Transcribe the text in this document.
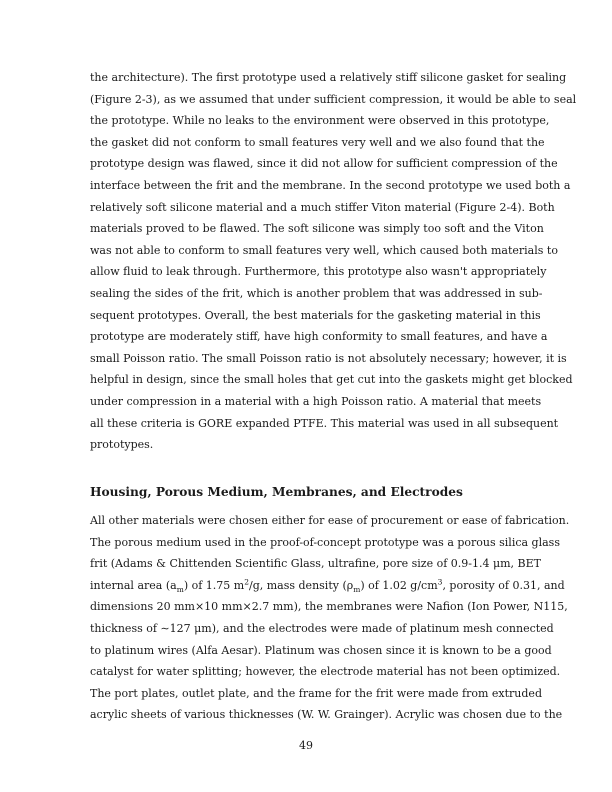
the architecture). The first prototype used a relatively stiff silicone gasket for sealing
(Figure 2-3), as we assumed that under sufficient compression, it would be able to seal
the prototype. While no leaks to the environment were observed in this prototype,
the gasket did not conform to small features very well and we also found that the
prototype design was flawed, since it did not allow for sufficient compression of the
interface between the frit and the membrane. In the second prototype we used both a
relatively soft silicone material and a much stiffer Viton material (Figure 2-4). Both
materials proved to be flawed. The soft silicone was simply too soft and the Viton
was not able to conform to small features very well, which caused both materials to
allow fluid to leak through. Furthermore, this prototype also wasn't appropriately
sealing the sides of the frit, which is another problem that was addressed in sub-
sequent prototypes. Overall, the best materials for the gasketing material in this
prototype are moderately stiff, have high conformity to small features, and have a
small Poisson ratio. The small Poisson ratio is not absolutely necessary; however, it is
helpful in design, since the small holes that get cut into the gaskets might get blocked
under compression in a material with a high Poisson ratio. A material that meets
all these criteria is GORE expanded PTFE. This material was used in all subsequent
prototypes.
Housing, Porous Medium, Membranes, and Electrodes
All other materials were chosen either for ease of procurement or ease of fabrication.
The porous medium used in the proof-of-concept prototype was a porous silica glass
frit (Adams & Chittenden Scientific Glass, ultrafine, pore size of 0.9-1.4 μm, BET
internal area $(a_m)$ of 1.75 $m^2/g$, mass density $(\rho_m)$ of 1.02 $g/cm^3$, porosity of 0.31, and
dimensions 20 mm×10 mm×2.7 mm), the membranes were Nafion (Ion Power, N115,
thickness of ∼127 μm), and the electrodes were made of platinum mesh connected
to platinum wires (Alfa Aesar). Platinum was chosen since it is known to be a good
catalyst for water splitting; however, the electrode material has not been optimized.
The port plates, outlet plate, and the frame for the frit were made from extruded
acrylic sheets of various thicknesses (W. W. Grainger). Acrylic was chosen due to the
49
